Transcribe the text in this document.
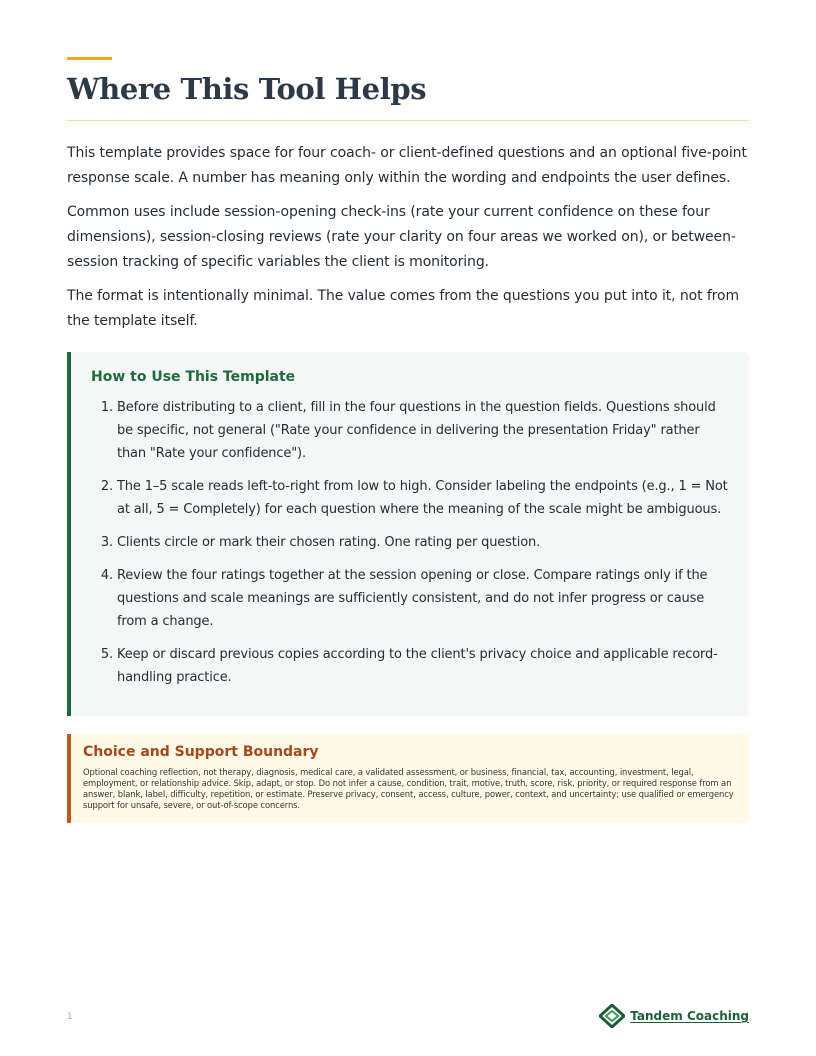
Where This Tool Helps

This template provides space for four coach- or client-defined questions and an optional five-point response scale. A number has meaning only within the wording and endpoints the user defines.

Common uses include session-opening check-ins (rate your current confidence on these four dimensions), session-closing reviews (rate your clarity on four areas we worked on), or between-session tracking of specific variables the client is monitoring.

The format is intentionally minimal. The value comes from the questions you put into it, not from the template itself.

How to Use This Template
1. Before distributing to a client, fill in the four questions in the question fields. Questions should be specific, not general ("Rate your confidence in delivering the presentation Friday" rather than "Rate your confidence").
2. The 1–5 scale reads left-to-right from low to high. Consider labeling the endpoints (e.g., 1 = Not at all, 5 = Completely) for each question where the meaning of the scale might be ambiguous.
3. Clients circle or mark their chosen rating. One rating per question.
4. Review the four ratings together at the session opening or close. Compare ratings only if the questions and scale meanings are sufficiently consistent, and do not infer progress or cause from a change.
5. Keep or discard previous copies according to the client's privacy choice and applicable record-handling practice.
Choice and Support Boundary

Optional coaching reflection, not therapy, diagnosis, medical care, a validated assessment, or business, financial, tax, accounting, investment, legal, employment, or relationship advice. Skip, adapt, or stop. Do not infer a cause, condition, trait, motive, truth, score, risk, priority, or required response from an answer, blank, label, difficulty, repetition, or estimate. Preserve privacy, consent, access, culture, power, context, and uncertainty; use qualified or emergency support for unsafe, severe, or out-of-scope concerns.

1	Tandem Coaching
